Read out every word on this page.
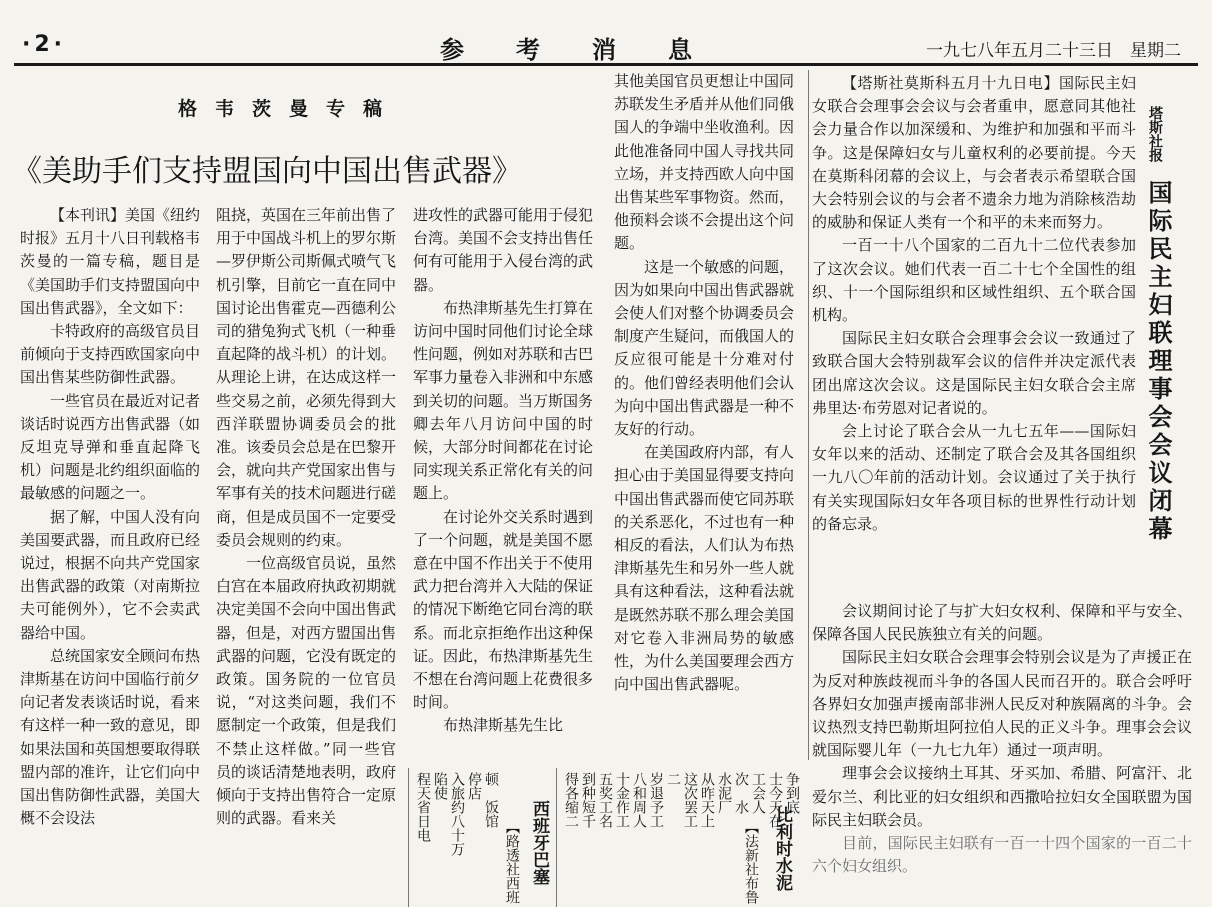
·2·	参考消息	一九七八年五月二十三日　星期二
格韦茨曼专稿
《美助手们支持盟国向中国出售武器》

【本刊讯】美国《纽约时报》五月十八日刊载格韦茨曼的一篇专稿，题目是《美国助手们支持盟国向中国出售武器》，全文如下：

卡特政府的高级官员目前倾向于支持西欧国家向中国出售某些防御性武器。

一些官员在最近对记者谈话时说西方出售武器（如反坦克导弹和垂直起降飞机）问题是北约组织面临的最敏感的问题之一。

据了解，中国人没有向美国要武器，而且政府已经说过，根据不向共产党国家出售武器的政策（对南斯拉夫可能例外），它不会卖武器给中国。

总统国家安全顾问布热津斯基在访问中国临行前夕向记者发表谈话时说，看来有这样一种一致的意见，即如果法国和英国想要取得联盟内部的准许，让它们向中国出售防御性武器，美国大概不会设法

阻挠，英国在三年前出售了用于中国战斗机上的罗尔斯—罗伊斯公司斯佩式喷气飞机引擎，目前它一直在同中国讨论出售霍克—西德利公司的猎兔狗式飞机（一种垂直起降的战斗机）的计划。从理论上讲，在达成这样一些交易之前，必须先得到大西洋联盟协调委员会的批准。该委员会总是在巴黎开会，就向共产党国家出售与军事有关的技术问题进行磋商，但是成员国不一定要受委员会规则的约束。

一位高级官员说，虽然白宫在本届政府执政初期就决定美国不会向中国出售武器，但是，对西方盟国出售武器的问题，它没有既定的政策。国务院的一位官员说，“对这类问题，我们不愿制定一个政策，但是我们不禁止这样做。”同一些官员的谈话清楚地表明，政府倾向于支持出售符合一定原则的武器。看来关

进攻性的武器可能用于侵犯台湾。美国不会支持出售任何有可能用于入侵台湾的武器。

布热津斯基先生打算在访问中国时同他们讨论全球性问题，例如对苏联和古巴军事力量卷入非洲和中东感到关切的问题。当万斯国务卿去年八月访问中国的时候，大部分时间都花在讨论同实现关系正常化有关的问题上。

在讨论外交关系时遇到了一个问题，就是美国不愿意在中国不作出关于不使用武力把台湾并入大陆的保证的情况下断绝它同台湾的联系。而北京拒绝作出这种保证。因此，布热津斯基先生不想在台湾问题上花费很多时间。

布热津斯基先生比

其他美国官员更想让中国同苏联发生矛盾并从他们同俄国人的争端中坐收渔利。因此他准备同中国人寻找共同立场，并支持西欧人向中国出售某些军事物资。然而，他预料会谈不会提出这个问题。

这是一个敏感的问题，因为如果向中国出售武器就会使人们对整个协调委员会制度产生疑问，而俄国人的反应很可能是十分难对付的。他们曾经表明他们会认为向中国出售武器是一种不友好的行动。

在美国政府内部，有人担心由于美国显得要支持向中国出售武器而使它同苏联的关系恶化，不过也有一种相反的看法，人们认为布热津斯基先生和另外一些人就具有这种看法，这种看法就是既然苏联不那么理会美国对它卷入非洲局势的敏感性，为什么美国要理会西方向中国出售武器呢。

塔斯社报
国际民主妇联理事会会议闭幕

【塔斯社莫斯科五月十九日电】国际民主妇女联合会理事会会议与会者重申，愿意同其他社会力量合作以加深缓和、为维护和加强和平而斗争。这是保障妇女与儿童权利的必要前提。今天在莫斯科闭幕的会议上，与会者表示希望联合国大会特别会议的与会者不遗余力地为消除核浩劫的威胁和保证人类有一个和平的未来而努力。

一百一十八个国家的二百九十二位代表参加了这次会议。她们代表一百二十七个全国性的组织、十一个国际组织和区域性组织、五个联合国机构。

国际民主妇女联合会理事会会议一致通过了致联合国大会特别裁军会议的信件并决定派代表团出席这次会议。这是国际民主妇女联合会主席弗里达·布劳恩对记者说的。

会上讨论了联合会从一九七五年——国际妇女年以来的活动、还制定了联合会及其各国组织一九八〇年前的活动计划。会议通过了关于执行有关实现国际妇女年各项目标的世界性行动计划的备忘录。

会议期间讨论了与扩大妇女权利、保障和平与安全、保障各国人民民族独立有关的问题。

国际民主妇女联合会理事会特别会议是为了声援正在为反对种族歧视而斗争的各国人民而召开的。联合会呼吁各界妇女加强声援南部非洲人民反对种族隔离的斗争。会议热烈支持巴勒斯坦阿拉伯人民的正义斗争。理事会会议就国际婴儿年（一九七九年）通过一项声明。

理事会会议接纳土耳其、牙买加、希腊、阿富汗、北爱尔兰、利比亚的妇女组织和西撒哈拉妇女全国联盟为国际民主妇联会员。

目前，国际民主妇联有一百一十四个国家的一百二十六个妇女组织。

程天省日电 陷使 入旅约八十万 停店 顿　饭馆
【路透社西班 西班牙巴塞 得各缩二 到种短千 五奖工名 十金作工 八和周人 岁退予工 二 这次罢工 从昨天上 水泥厂 次　水 工会人 士今天在 争到底
【法新社布鲁 比利时水泥
